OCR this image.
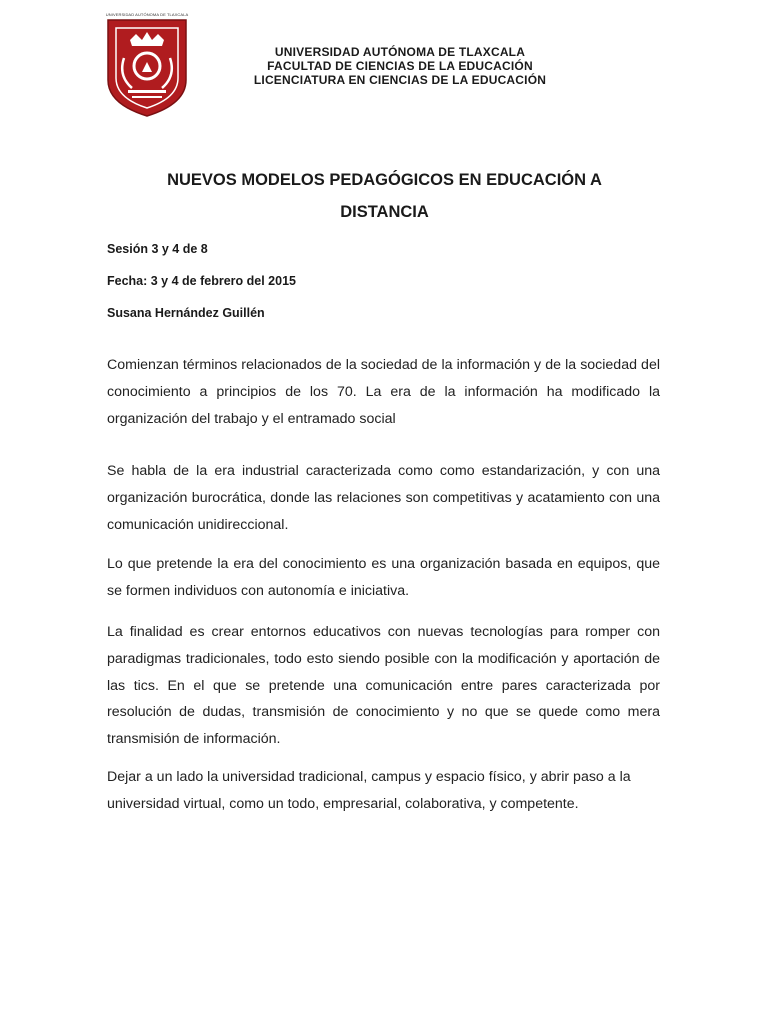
UNIVERSIDAD AUTÓNOMA DE TLAXCALA
UNIVERSIDAD AUTÓNOMA DE TLAXCALA
FACULTAD DE CIENCIAS DE LA EDUCACIÓN
LICENCIATURA EN CIENCIAS DE LA EDUCACIÓN
NUEVOS MODELOS PEDAGÓGICOS EN EDUCACIÓN A
DISTANCIA
Sesión 3 y 4 de 8
Fecha: 3 y 4 de febrero del 2015
Susana Hernández Guillén

Comienzan términos relacionados de la sociedad de la información y de la sociedad del conocimiento a principios de los 70. La era de la información ha modificado la organización del trabajo y el entramado social

Se habla de la era industrial caracterizada como como estandarización, y con una organización burocrática, donde las relaciones son competitivas y acatamiento con una comunicación unidireccional.

Lo que pretende la era del conocimiento es una organización basada en equipos, que se formen individuos con autonomía e iniciativa.

La finalidad es crear entornos educativos con nuevas tecnologías para romper con paradigmas tradicionales, todo esto siendo posible con la modificación y aportación de las tics. En el que se pretende una comunicación entre pares caracterizada por resolución de dudas, transmisión de conocimiento y no que se quede como mera transmisión de información.

Dejar a un lado la universidad tradicional, campus y espacio físico, y abrir paso a la universidad virtual, como un todo, empresarial, colaborativa, y competente.
